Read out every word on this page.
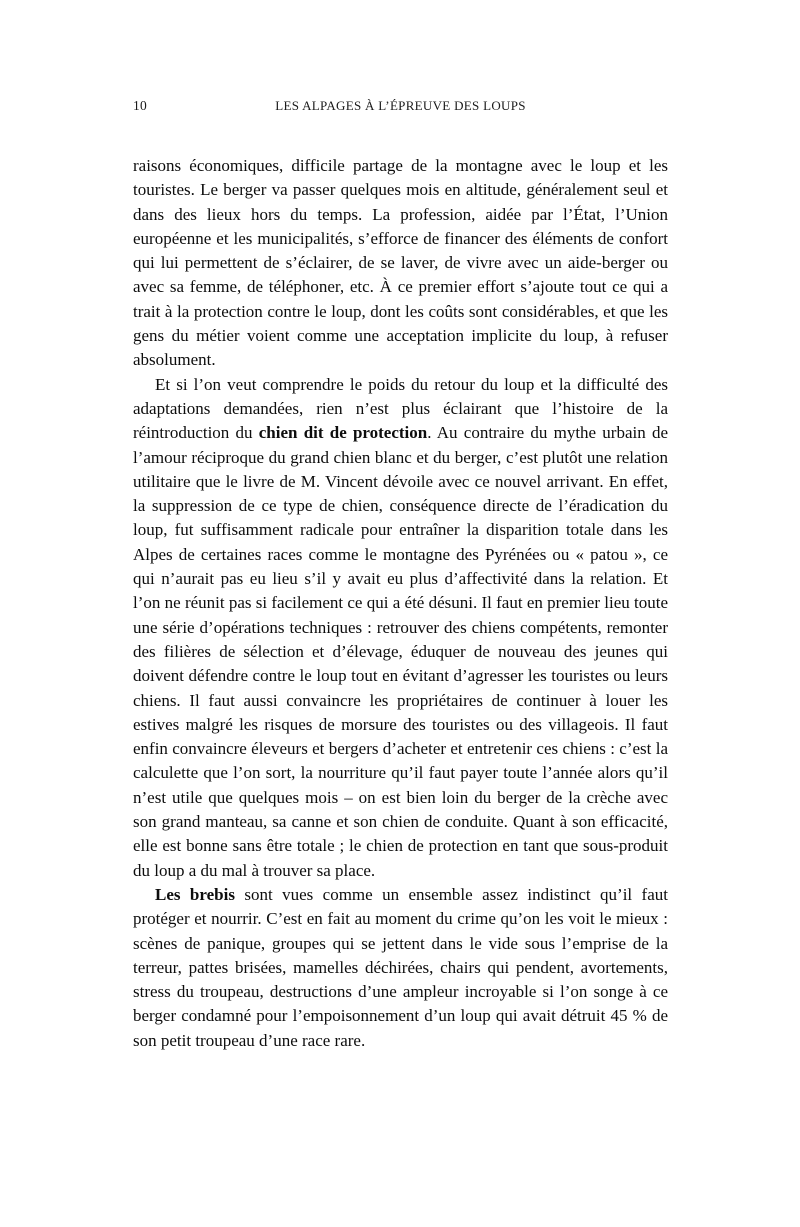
10	LES ALPAGES À L’ÉPREUVE DES LOUPS

raisons économiques, difficile partage de la montagne avec le loup et les touristes. Le berger va passer quelques mois en altitude, généralement seul et dans des lieux hors du temps. La profession, aidée par l’État, l’Union européenne et les municipalités, s’efforce de financer des éléments de confort qui lui permettent de s’éclairer, de se laver, de vivre avec un aide-berger ou avec sa femme, de téléphoner, etc. À ce premier effort s’ajoute tout ce qui a trait à la protection contre le loup, dont les coûts sont considérables, et que les gens du métier voient comme une acceptation implicite du loup, à refuser absolument.

Et si l’on veut comprendre le poids du retour du loup et la difficulté des adaptations demandées, rien n’est plus éclairant que l’histoire de la réintroduction du chien dit de protection. Au contraire du mythe urbain de l’amour réciproque du grand chien blanc et du berger, c’est plutôt une relation utilitaire que le livre de M. Vincent dévoile avec ce nouvel arrivant. En effet, la suppression de ce type de chien, conséquence directe de l’éradication du loup, fut suffisamment radicale pour entraîner la disparition totale dans les Alpes de certaines races comme le montagne des Pyrénées ou « patou », ce qui n’aurait pas eu lieu s’il y avait eu plus d’affectivité dans la relation. Et l’on ne réunit pas si facilement ce qui a été désuni. Il faut en premier lieu toute une série d’opérations techniques : retrouver des chiens compétents, remonter des filières de sélection et d’élevage, éduquer de nouveau des jeunes qui doivent défendre contre le loup tout en évitant d’agresser les touristes ou leurs chiens. Il faut aussi convaincre les propriétaires de continuer à louer les estives malgré les risques de morsure des touristes ou des villageois. Il faut enfin convaincre éleveurs et bergers d’acheter et entretenir ces chiens : c’est la calculette que l’on sort, la nourriture qu’il faut payer toute l’année alors qu’il n’est utile que quelques mois – on est bien loin du berger de la crèche avec son grand manteau, sa canne et son chien de conduite. Quant à son efficacité, elle est bonne sans être totale ; le chien de protection en tant que sous-produit du loup a du mal à trouver sa place.

Les brebis sont vues comme un ensemble assez indistinct qu’il faut protéger et nourrir. C’est en fait au moment du crime qu’on les voit le mieux : scènes de panique, groupes qui se jettent dans le vide sous l’emprise de la terreur, pattes brisées, mamelles déchirées, chairs qui pendent, avortements, stress du troupeau, destructions d’une ampleur incroyable si l’on songe à ce berger condamné pour l’empoisonnement d’un loup qui avait détruit 45 % de son petit troupeau d’une race rare.
